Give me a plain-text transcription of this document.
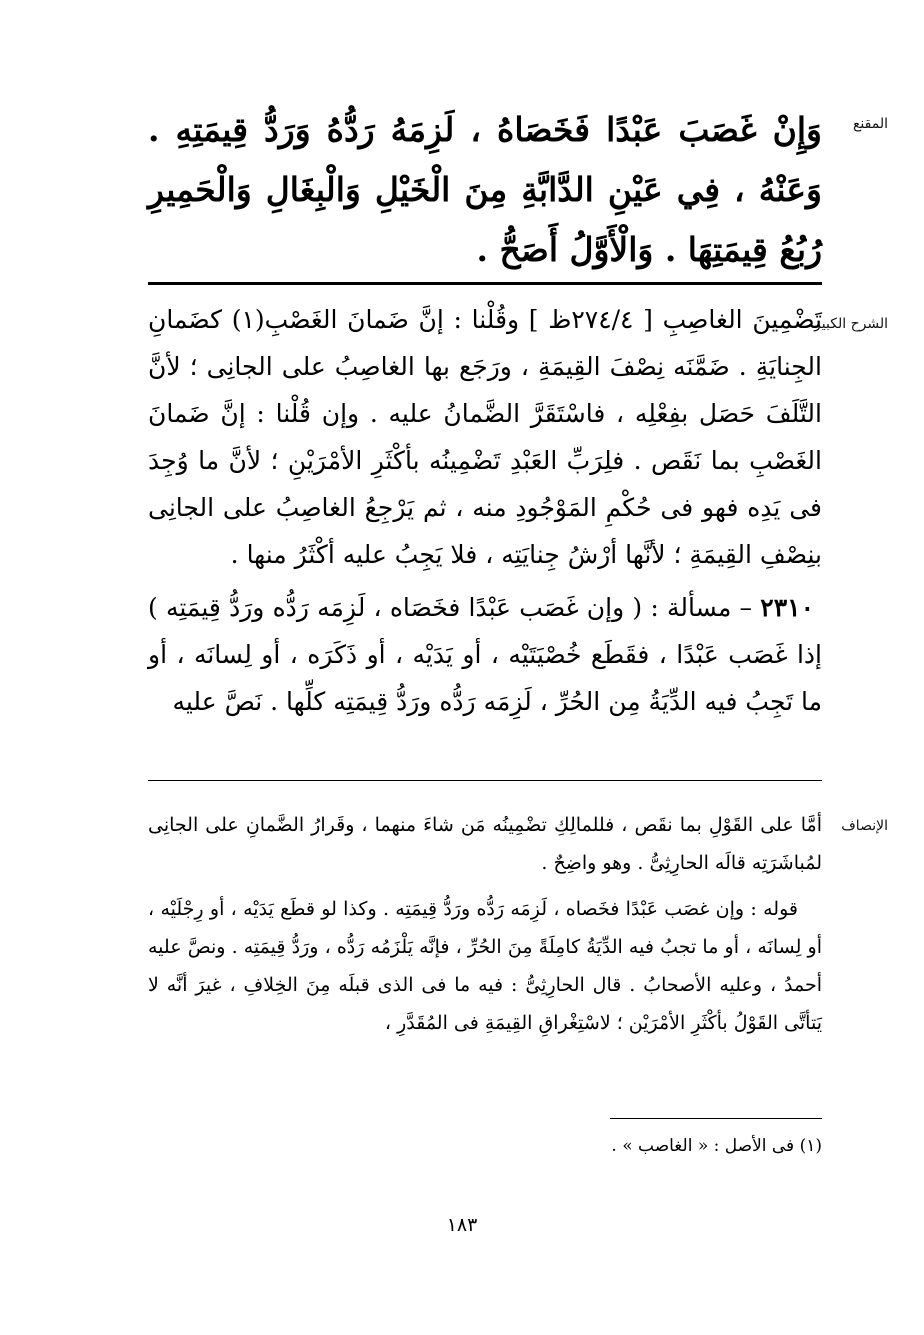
المقنع
وَإِنْ غَصَبَ عَبْدًا فَخَصَاهُ ، لَزِمَهُ رَدُّهُ وَرَدُّ قِيمَتِهِ . وَعَنْهُ ، فِي عَيْنِ الدَّابَّةِ مِنَ الْخَيْلِ وَالْبِغَالِ وَالْحَمِيرِ رُبُعُ قِيمَتِهَا . وَالْأَوَّلُ أَصَحُّ .
الشرح الكبير

تَضْمِينَ الغاصِبِ [ ٢٧٤/٤ظ ] وقُلْنا : إنَّ ضَمانَ الغَصْبِ(١) كضَمانِ الجِنايَةِ . ضَمَّنَه نِصْفَ القِيمَةِ ، ورَجَع بها الغاصِبُ على الجانِى ؛ لأنَّ التَّلَفَ حَصَل بفِعْلِه ، فاسْتَقَرَّ الضَّمانُ عليه . وإن قُلْنا : إنَّ ضَمانَ الغَصْبِ بما نَقَص . فلِرَبِّ العَبْدِ تَضْمِينُه بأكْثَرِ الأمْرَيْنِ ؛ لأنَّ ما وُجِدَ فى يَدِه فهو فى حُكْمِ المَوْجُودِ منه ، ثم يَرْجِعُ الغاصِبُ على الجانِى بنِصْفِ القِيمَةِ ؛ لأنَّها أرْشُ جِنايَتِه ، فلا يَجِبُ عليه أكْثَرُ منها .

٢٣١٠ – مسألة : ( وإن غَصَب عَبْدًا فخَصَاه ، لَزِمَه رَدُّه ورَدُّ قِيمَتِه ) إذا غَصَب عَبْدًا ، فقَطَع خُصْيَتَيْه ، أو يَدَيْه ، أو ذَكَرَه ، أو لِسانَه ، أو ما تَجِبُ فيه الدِّيَةُ مِن الحُرِّ ، لَزِمَه رَدُّه ورَدُّ قِيمَتِه كلِّها . نَصَّ عليه

الإنصاف

أمَّا على القَوْلِ بما نقَص ، فللمالِكِ تضْمِينُه مَن شاءَ منهما ، وقَرارُ الضَّمانِ على الجانِى لمُباشَرَتِه قالَه الحارِثِىُّ . وهو واضِحٌ .

قوله : وإن غصَب عَبْدًا فخَصاه ، لَزِمَه رَدُّه ورَدُّ قِيمَتِه . وكذا لو قطَع يَدَيْه ، أو رِجْلَيْه ، أو لِسانَه ، أو ما تجبُ فيه الدِّيَةُ كامِلَةً مِنَ الحُرِّ ، فإنَّه يَلْزَمُه رَدُّه ، ورَدُّ قِيمَتِه . ونصَّ عليه أحمدُ ، وعليه الأصحابُ . قال الحارِثِىُّ : فيه ما فى الذى قبلَه مِنَ الخِلافِ ، غيرَ أنَّه لا يَتأتَّى القَوْلُ بأكْثَرِ الأمْرَيْن ؛ لاسْتِغْراقِ القِيمَةِ فى المُقَدَّرِ ،

(١) فى الأصل : « الغاصب » .
١٨٣
